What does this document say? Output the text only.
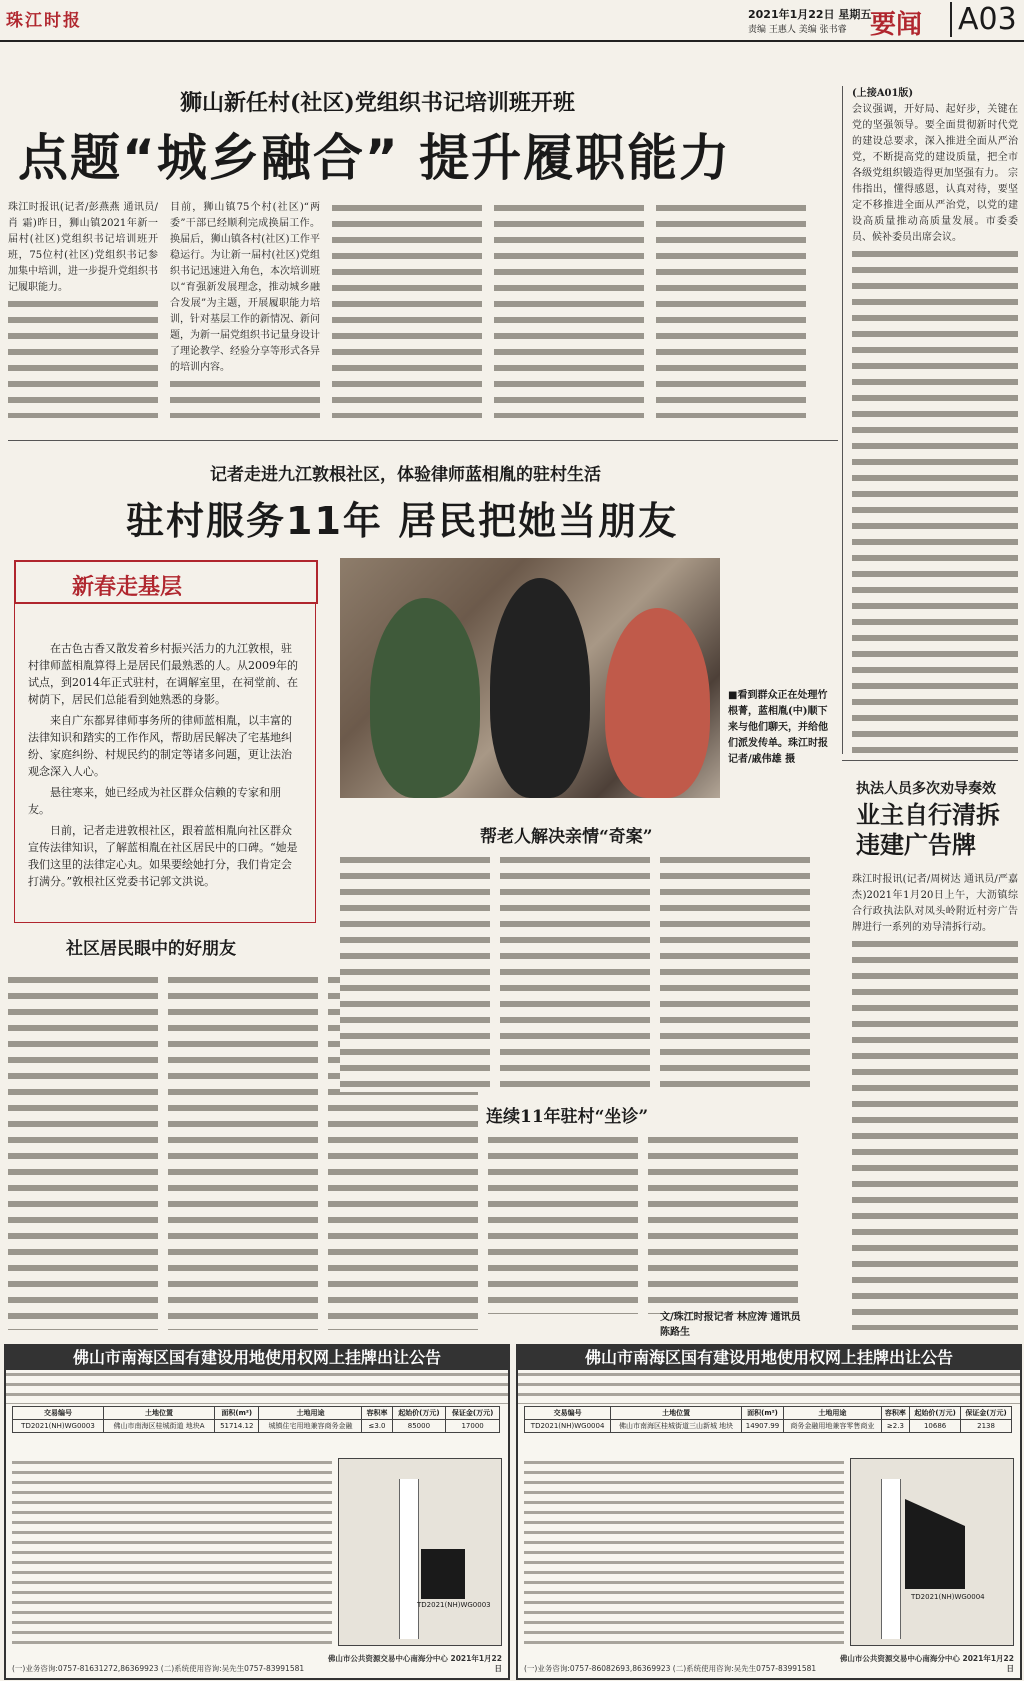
珠江时报	2021年1月22日 星期五
责编 王惠人 美编 张书睿 要闻 A03
狮山新任村(社区)党组织书记培训班开班
点题“城乡融合” 提升履职能力
珠江时报讯(记者/彭燕燕 通讯员/肖 霜)昨日，狮山镇2021年新一届村(社区)党组织书记培训班开班，75位村(社区)党组织书记参加集中培训，进一步提升党组织书记履职能力。
目前，狮山镇75个村(社区)“两委”干部已经顺利完成换届工作。换届后，狮山镇各村(社区)工作平稳运行。为让新一届村(社区)党组织书记迅速进入角色，本次培训班以“育强新发展理念，推动城乡融合发展”为主题，开展履职能力培训，针对基层工作的新情况、新问题，为新一届党组织书记量身设计了理论教学、经验分享等形式各异的培训内容。
(上接A01版)
会议强调，开好局、起好步，关键在党的坚强领导。要全面贯彻新时代党的建设总要求，深入推进全面从严治党，不断提高党的建设质量，把全市各级党组织锻造得更加坚强有力。 宗伟指出，懂得感恩，认真对待，要坚定不移推进全面从严治党，以党的建设高质量推动高质量发展。市委委员、候补委员出席会议。
记者走进九江敦根社区，体验律师蓝相胤的驻村生活
驻村服务11年 居民把她当朋友
新春走基层

在古色古香又散发着乡村振兴活力的九江敦根，驻村律师蓝相胤算得上是居民们最熟悉的人。从2009年的试点，到2014年正式驻村，在调解室里，在祠堂前、在树荫下，居民们总能看到她熟悉的身影。

来自广东都昇律师事务所的律师蓝相胤，以丰富的法律知识和踏实的工作作风，帮助居民解决了宅基地纠纷、家庭纠纷、村规民约的制定等诸多问题，更让法治观念深入人心。

悬往寒来，她已经成为社区群众信赖的专家和朋友。

日前，记者走进敦根社区，跟着蓝相胤向社区群众宣传法律知识，了解蓝相胤在社区居民中的口碑。“她是我们这里的法律定心丸。如果要绘她打分，我们肯定会打满分。”敦根社区党委书记郭文洪说。

■看到群众正在处理竹根菁，蓝相胤(中)顺下来与他们聊天，并给他们派发传单。珠江时报记者/戚伟雄 摄
社区居民眼中的好朋友
帮老人解决亲情“奇案”
连续11年驻村“坐诊”
文/珠江时报记者 林应涛 通讯员 陈路生
执法人员多次劝导奏效
业主自行清拆违建广告牌
珠江时报讯(记者/周树达 通讯员/严嘉杰)2021年1月20日上午，大沥镇综合行政执法队对凤头岭附近村旁广告牌进行一系列的劝导清拆行动。
佛山市南海区国有建设用地使用权网上挂牌出让公告
交易编号	土地位置	面积(m²)	土地用途	容积率	起始价(万元)	保证金(万元)
TD2021(NH)WG0003	佛山市南海区桂城街道 地块A	51714.12	城镇住宅用地兼容商务金融	≤3.0	85000	17000
TD2021(NH)WG0003
(一)业务咨询:0757-81631272,86369923 (二)系统使用咨询:吴先生0757-83991581
佛山市公共资源交易中心南海分中心 2021年1月22日
佛山市南海区国有建设用地使用权网上挂牌出让公告
交易编号	土地位置	面积(m²)	土地用途	容积率	起始价(万元)	保证金(万元)
TD2021(NH)WG0004	佛山市南海区桂城街道三山新城 地块	14907.99	商务金融用地兼容零售商业	≥2.3	10686	2138
TD2021(NH)WG0004
(一)业务咨询:0757-86082693,86369923 (二)系统使用咨询:吴先生0757-83991581
佛山市公共资源交易中心南海分中心 2021年1月22日
